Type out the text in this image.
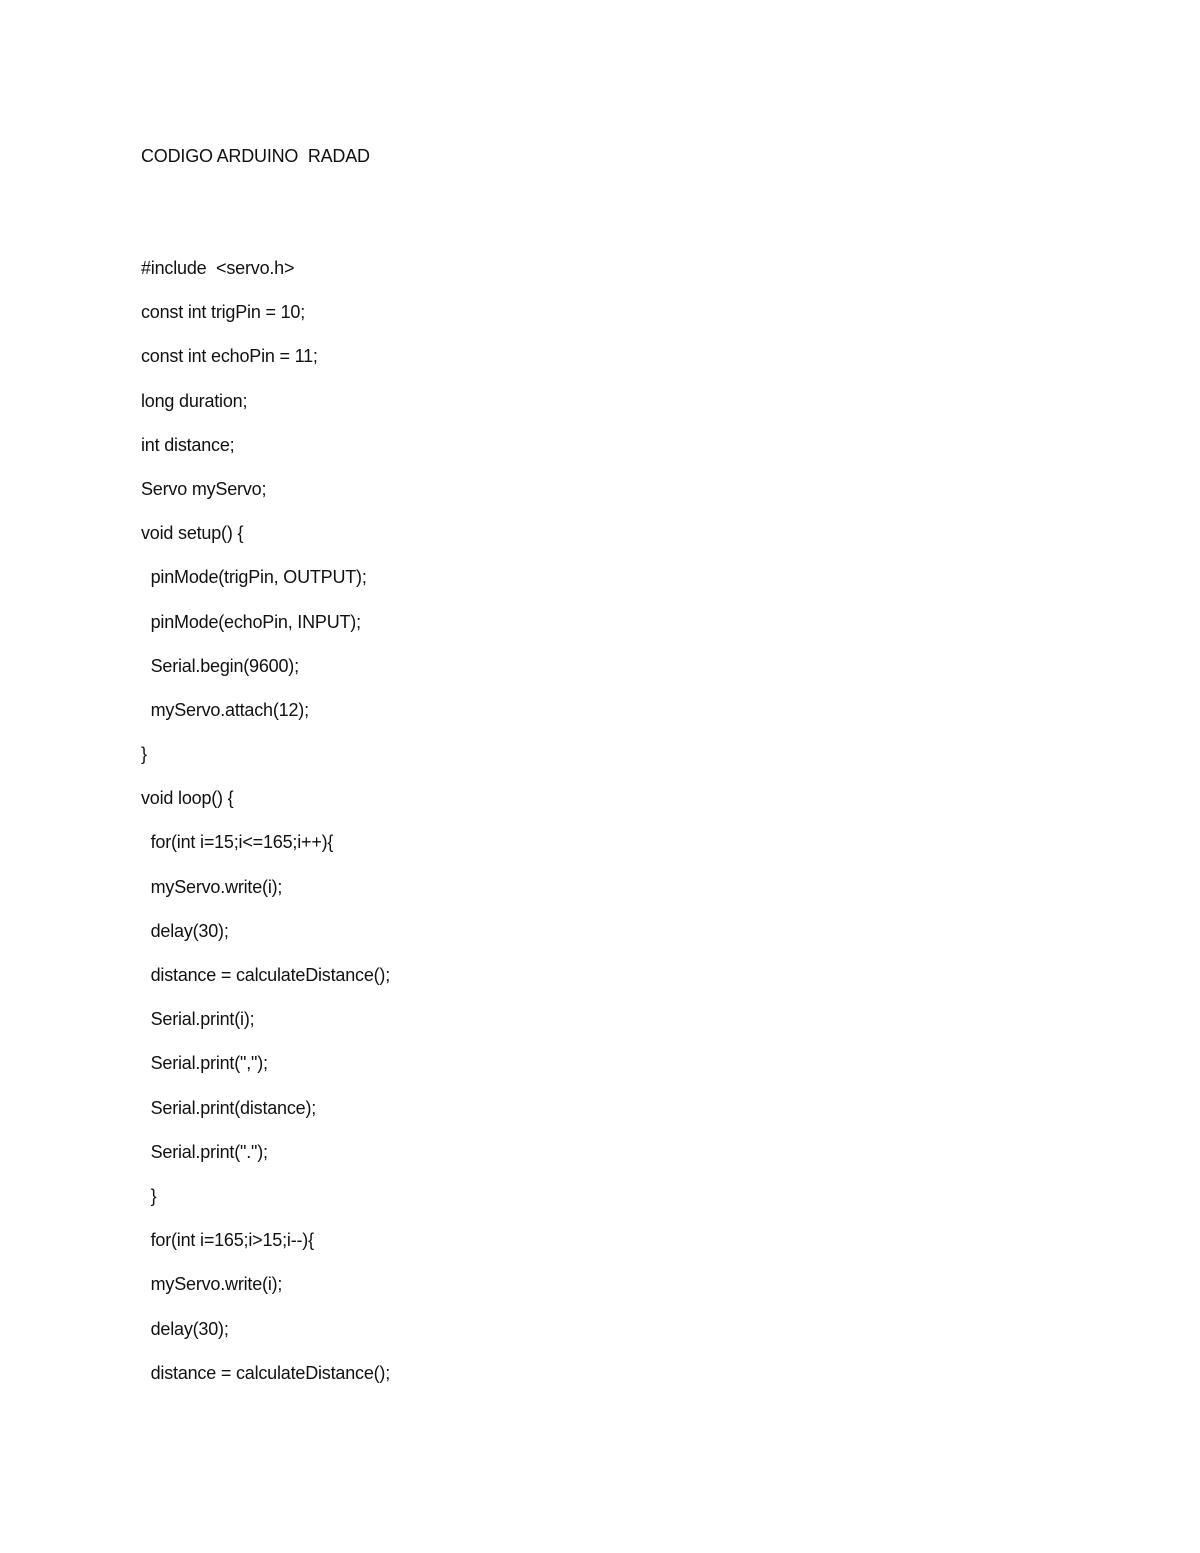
CODIGO ARDUINO  RADAD
#include  <servo.h>
const int trigPin = 10;
const int echoPin = 11;
long duration;
int distance;
Servo myServo;
void setup() {
pinMode(trigPin, OUTPUT);
pinMode(echoPin, INPUT);
Serial.begin(9600);
myServo.attach(12);
}
void loop() {
for(int i=15;i<=165;i++){
myServo.write(i);
delay(30);
distance = calculateDistance();
Serial.print(i);
Serial.print(",");
Serial.print(distance);
Serial.print(".");
}
for(int i=165;i>15;i--){
myServo.write(i);
delay(30);
distance = calculateDistance();
